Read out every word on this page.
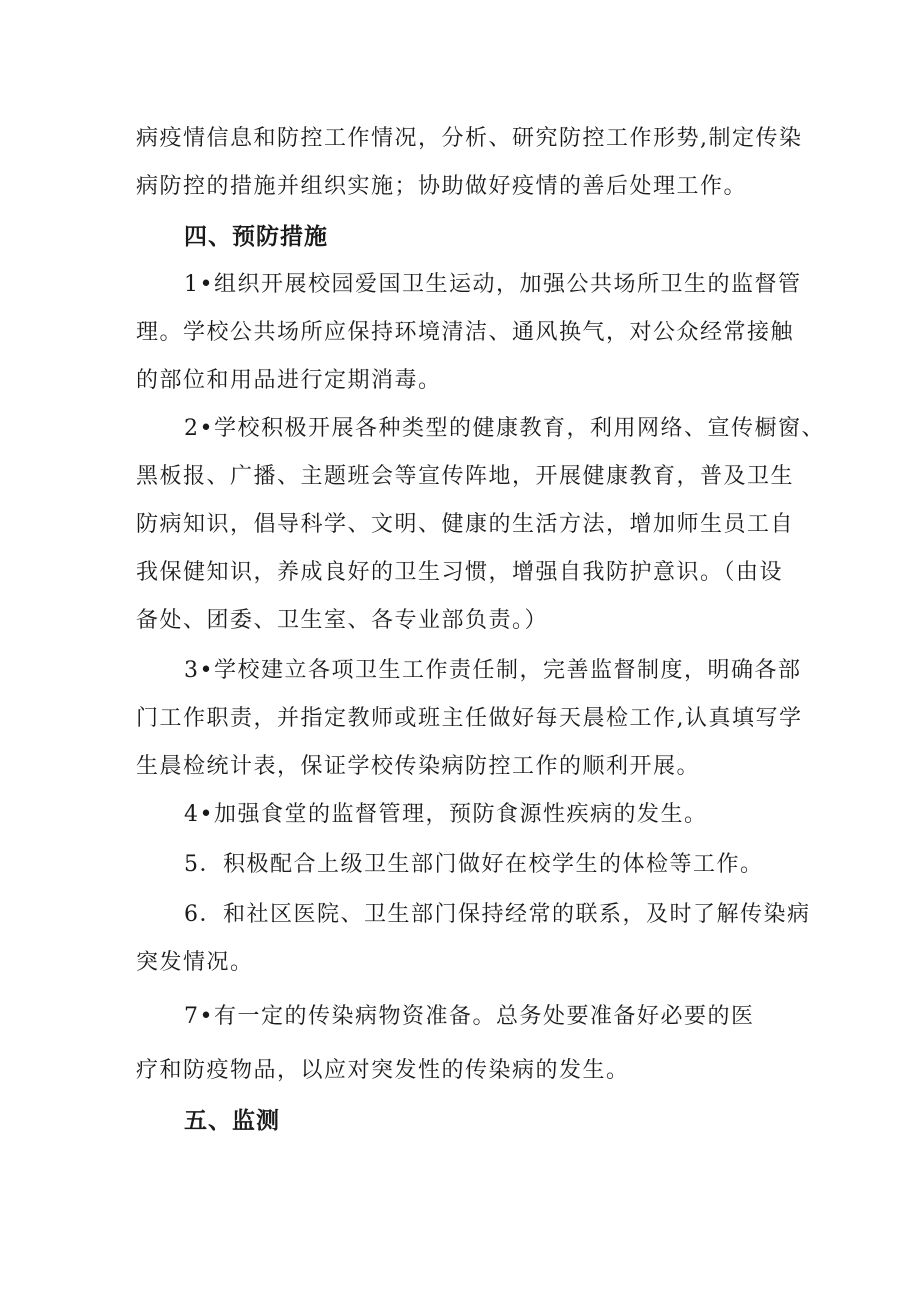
病疫情信息和防控工作情况，分析、研究防控工作形势,制定传染
病防控的措施并组织实施；协助做好疫情的善后处理工作。
四、预防措施
1•组织开展校园爱国卫生运动，加强公共场所卫生的监督管
理。学校公共场所应保持环境清洁、通风换气，对公众经常接触
的部位和用品进行定期消毒。
2•学校积极开展各种类型的健康教育，利用网络、宣传橱窗、
黑板报、广播、主题班会等宣传阵地，开展健康教育，普及卫生
防病知识，倡导科学、文明、健康的生活方法，增加师生员工自
我保健知识，养成良好的卫生习惯，增强自我防护意识。（由设
备处、团委、卫生室、各专业部负责。）
3•学校建立各项卫生工作责任制，完善监督制度，明确各部
门工作职责，并指定教师或班主任做好每天晨检工作,认真填写学
生晨检统计表，保证学校传染病防控工作的顺利开展。
4•加强食堂的监督管理，预防食源性疾病的发生。
5．积极配合上级卫生部门做好在校学生的体检等工作。
6．和社区医院、卫生部门保持经常的联系，及时了解传染病
突发情况。
7•有一定的传染病物资准备。总务处要准备好必要的医
疗和防疫物品，以应对突发性的传染病的发生。
五、监测
